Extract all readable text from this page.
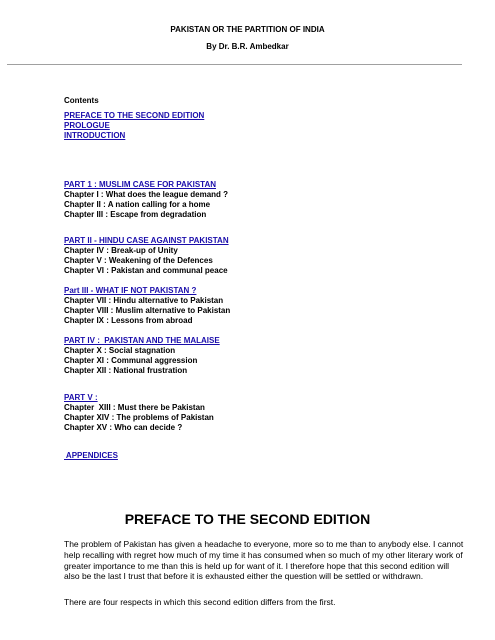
PAKISTAN OR THE PARTITION OF INDIA
By Dr. B.R. Ambedkar
Contents
PREFACE TO THE SECOND EDITION
PROLOGUE
INTRODUCTION
PART 1 : MUSLIM CASE FOR PAKISTAN
Chapter I : What does the league demand ?
Chapter II : A nation calling for a home
Chapter III : Escape from degradation
PART II - HINDU CASE AGAINST PAKISTAN
Chapter IV : Break-up of Unity
Chapter V : Weakening of the Defences
Chapter VI : Pakistan and communal peace
Part III - WHAT IF NOT PAKISTAN ?
Chapter VII : Hindu alternative to Pakistan
Chapter VIII : Muslim alternative to Pakistan
Chapter IX : Lessons from abroad
PART IV :  PAKISTAN AND THE MALAISE
Chapter X : Social stagnation
Chapter XI : Communal aggression
Chapter XII : National frustration
PART V :
Chapter  XIII : Must there be Pakistan
Chapter XIV : The problems of Pakistan
Chapter XV : Who can decide ?
APPENDICES
PREFACE TO THE SECOND EDITION
The problem of Pakistan has given a headache to everyone, more so to me than to anybody else. I cannot help recalling with regret how much of my time it has consumed when so much of my other literary work of greater importance to me than this is held up for want of it. I therefore hope that this second edition will also be the last I trust that before it is exhausted either the question will be settled or withdrawn.
There are four respects in which this second edition differs from the first.
